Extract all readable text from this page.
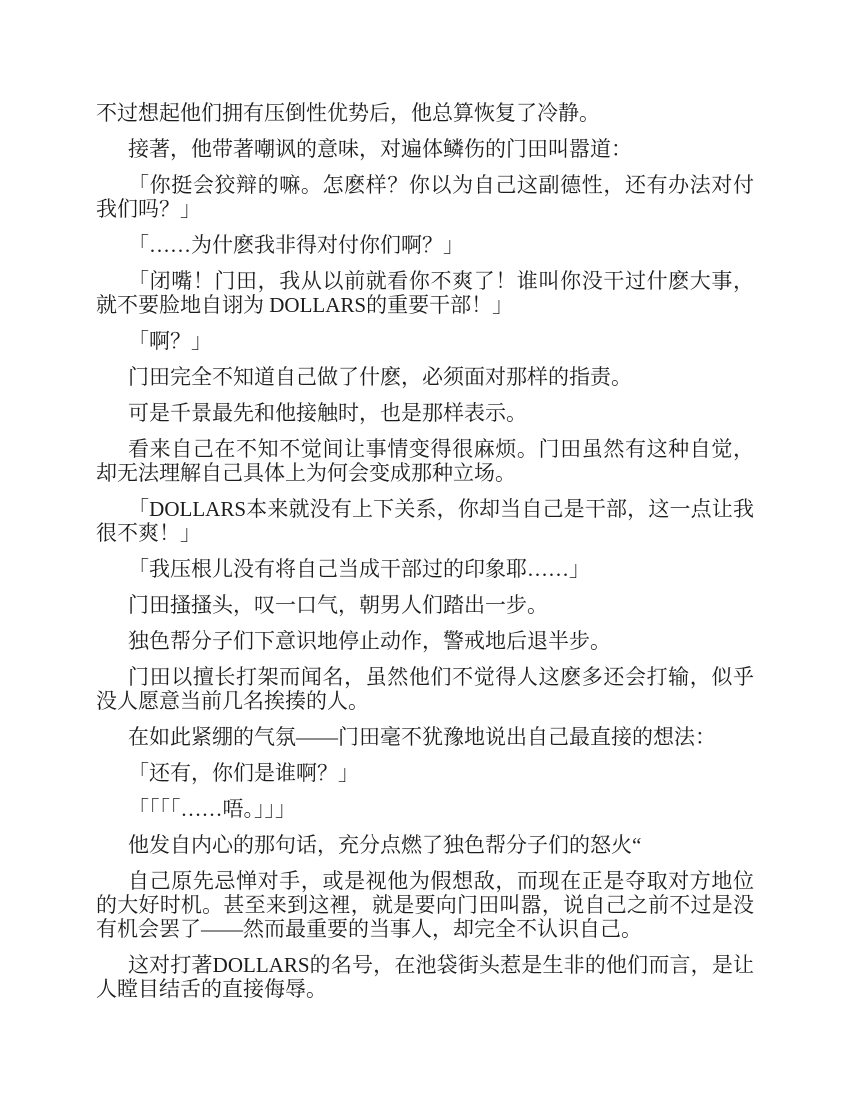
不过想起他们拥有压倒性优势后，他总算恢复了冷静。

接著，他带著嘲讽的意味，对遍体鳞伤的门田叫嚣道：

「你挺会狡辩的嘛。怎麽样？你以为自己这副德性，还有办法对付我们吗？」

「……为什麽我非得对付你们啊？」

「闭嘴！门田，我从以前就看你不爽了！谁叫你没干过什麽大事，就不要脸地自诩为 DOLLARS的重要干部！」

「啊？」

门田完全不知道自己做了什麽，必须面对那样的指责。

可是千景最先和他接触时，也是那样表示。

看来自己在不知不觉间让事情变得很麻烦。门田虽然有这种自觉，却无法理解自己具体上为何会变成那种立场。

「DOLLARS本来就没有上下关系，你却当自己是干部，这一点让我很不爽！」

「我压根儿没有将自己当成干部过的印象耶……」

门田搔搔头，叹一口气，朝男人们踏出一步。

独色帮分子们下意识地停止动作，警戒地后退半步。

门田以擅长打架而闻名，虽然他们不觉得人这麽多还会打输，似乎没人愿意当前几名挨揍的人。

在如此紧绷的气氛——门田毫不犹豫地说出自己最直接的想法：

「还有，你们是谁啊？」

「「「「……唔。」」」

他发自内心的那句话，充分点燃了独色帮分子们的怒火“

自己原先忌惮对手，或是视他为假想敌，而现在正是夺取对方地位的大好时机。甚至来到这裡，就是要向门田叫嚣，说自己之前不过是没有机会罢了——然而最重要的当事人，却完全不认识自己。

这对打著DOLLARS的名号，在池袋街头惹是生非的他们而言，是让人瞠目结舌的直接侮辱。
